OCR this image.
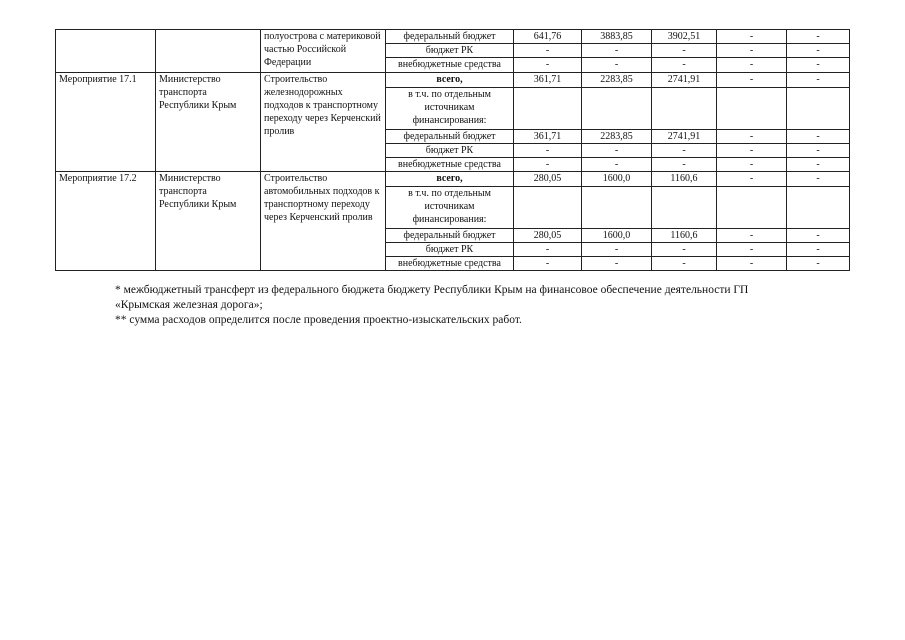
		полуострова с материковой частью Российской Федерации	федеральный бюджет	641,76	3883,85	3902,51	-	-
			бюджет РК	-	-	-	-	-
			внебюджетные средства	-	-	-	-	-
Мероприятие 17.1	Министерство транспорта Республики Крым	Строительство железнодорожных подходов к транспортному переходу через Керченский пролив	всего,	361,71	2283,85	2741,91	-	-
			в т.ч. по отдельным источникам финансирования:					
			федеральный бюджет	361,71	2283,85	2741,91	-	-
			бюджет РК	-	-	-	-	-
			внебюджетные средства	-	-	-	-	-
Мероприятие 17.2	Министерство транспорта Республики Крым	Строительство автомобильных подходов к транспортному переходу через Керченский пролив	всего,	280,05	1600,0	1160,6	-	-
			в т.ч. по отдельным источникам финансирования:					
			федеральный бюджет	280,05	1600,0	1160,6	-	-
			бюджет РК	-	-	-	-	-
			внебюджетные средства	-	-	-	-	-

* межбюджетный трансферт из федерального бюджета бюджету Республики Крым на финансовое обеспечение деятельности ГП «Крымская железная дорога»;

** сумма расходов определится после проведения проектно-изыскательских работ.
